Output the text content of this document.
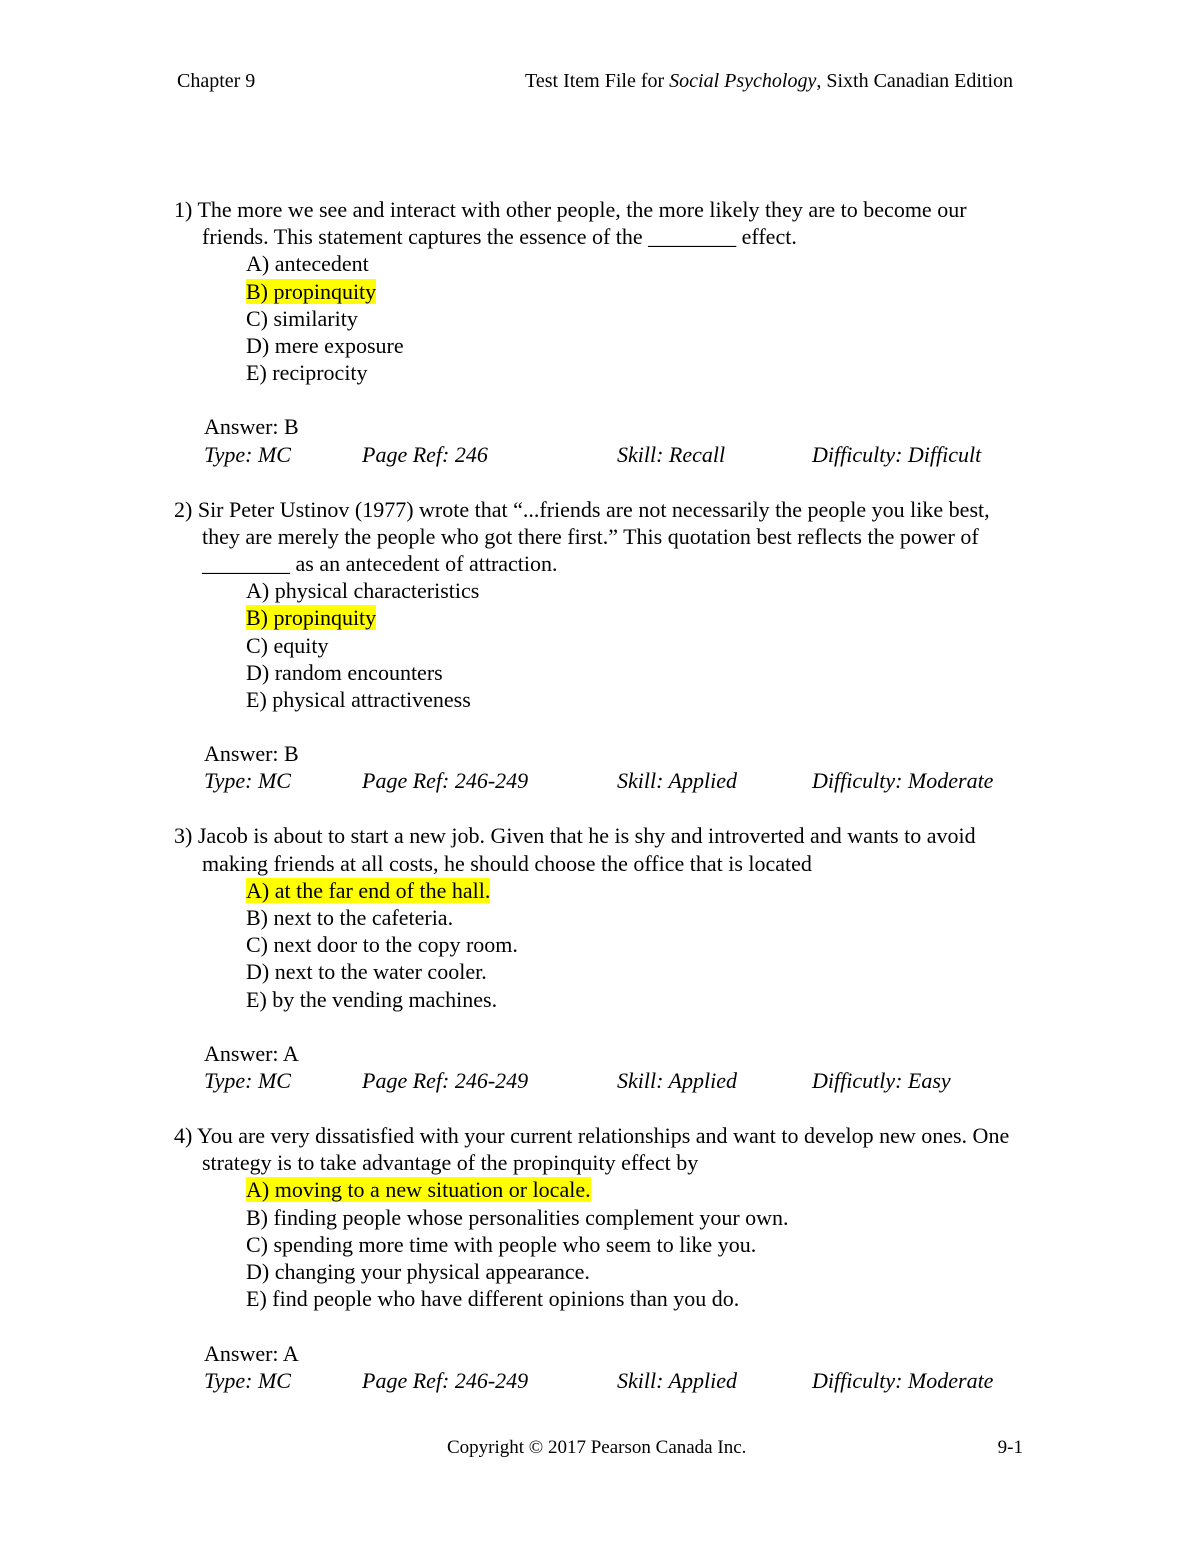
Chapter 9	Test Item File for Social Psychology, Sixth Canadian Edition
1) The more we see and interact with other people, the more likely they are to become our friends. This statement captures the essence of the ________ effect.
A) antecedent
B) propinquity
C) similarity
D) mere exposure
E) reciprocity
Answer: B
Type: MC	Page Ref: 246	Skill: Recall	Difficulty: Difficult
2) Sir Peter Ustinov (1977) wrote that “...friends are not necessarily the people you like best, they are merely the people who got there first.” This quotation best reflects the power of ________ as an antecedent of attraction.
A) physical characteristics
B) propinquity
C) equity
D) random encounters
E) physical attractiveness
Answer: B
Type: MC	Page Ref: 246-249	Skill: Applied	Difficulty: Moderate
3) Jacob is about to start a new job. Given that he is shy and introverted and wants to avoid making friends at all costs, he should choose the office that is located
A) at the far end of the hall.
B) next to the cafeteria.
C) next door to the copy room.
D) next to the water cooler.
E) by the vending machines.
Answer: A
Type: MC	Page Ref: 246-249	Skill: Applied	Difficutly: Easy
4) You are very dissatisfied with your current relationships and want to develop new ones. One strategy is to take advantage of the propinquity effect by
A) moving to a new situation or locale.
B) finding people whose personalities complement your own.
C) spending more time with people who seem to like you.
D) changing your physical appearance.
E) find people who have different opinions than you do.
Answer: A
Type: MC	Page Ref: 246-249	Skill: Applied	Difficulty: Moderate
Copyright © 2017 Pearson Canada Inc.	9-1
